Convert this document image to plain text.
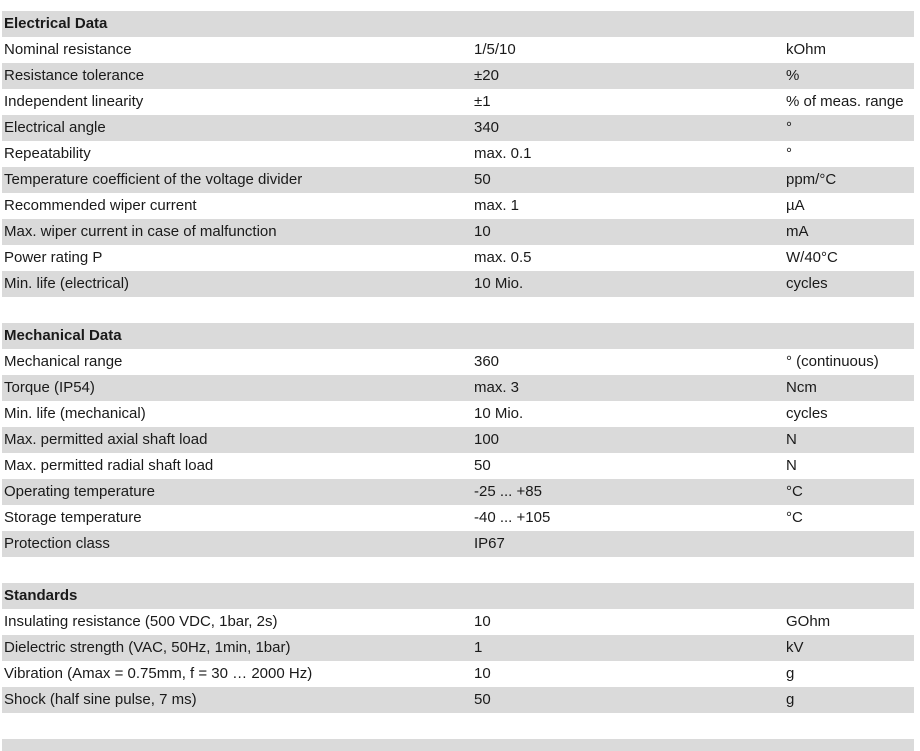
Electrical Data
Nominal resistance	1/5/10	kOhm
Resistance tolerance	±20	%
Independent linearity	±1	% of meas. range
Electrical angle	340	°
Repeatability	max. 0.1	°
Temperature coefficient of the voltage divider	50	ppm/°C
Recommended wiper current	max. 1	µA
Max. wiper current in case of malfunction	10	mA
Power rating P	max. 0.5	W/40°C
Min. life (electrical)	10 Mio.	cycles
Mechanical Data
Mechanical range	360	° (continuous)
Torque (IP54)	max. 3	Ncm
Min. life (mechanical)	10 Mio.	cycles
Max. permitted axial shaft load	100	N
Max. permitted radial shaft load	50	N
Operating temperature	-25 ... +85	°C
Storage temperature	-40 ... +105	°C
Protection class	IP67
Standards
Insulating resistance (500 VDC, 1bar, 2s)	10	GOhm
Dielectric strength (VAC, 50Hz, 1min, 1bar)	1	kV
Vibration (Amax = 0.75mm, f = 30 … 2000 Hz)	10	g
Shock (half sine pulse, 7 ms)	50	g
